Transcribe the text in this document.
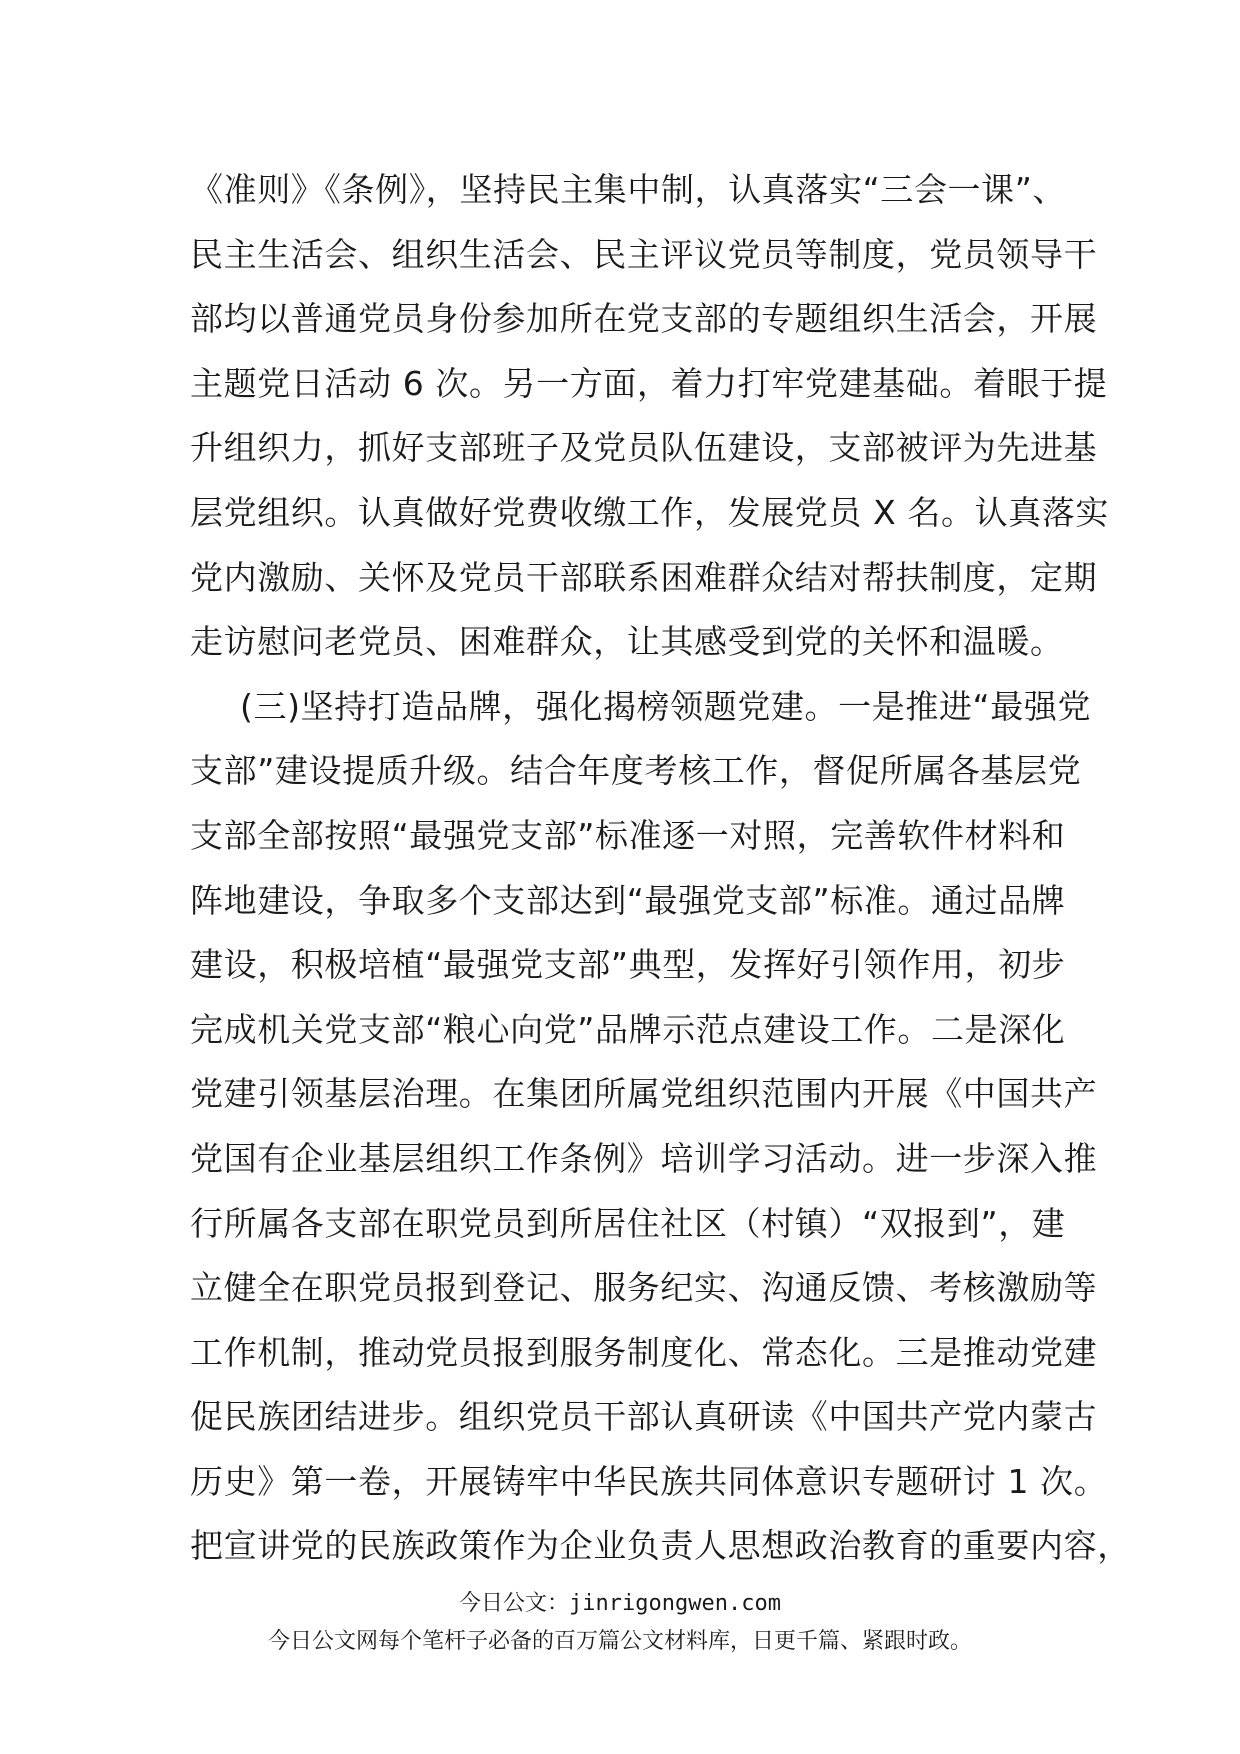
《准则》《条例》，坚持民主集中制，认真落实“三会一课”、
民主生活会、组织生活会、民主评议党员等制度，党员领导干
部均以普通党员身份参加所在党支部的专题组织生活会，开展
主题党日活动 6 次。另一方面，着力打牢党建基础。着眼于提
升组织力，抓好支部班子及党员队伍建设，支部被评为先进基
层党组织。认真做好党费收缴工作，发展党员 X 名。认真落实
党内激励、关怀及党员干部联系困难群众结对帮扶制度，定期
走访慰问老党员、困难群众，让其感受到党的关怀和温暖。
(三)坚持打造品牌，强化揭榜领题党建。一是推进“最强党
支部”建设提质升级。结合年度考核工作，督促所属各基层党
支部全部按照“最强党支部”标准逐一对照，完善软件材料和
阵地建设，争取多个支部达到“最强党支部”标准。通过品牌
建设，积极培植“最强党支部”典型，发挥好引领作用，初步
完成机关党支部“粮心向党”品牌示范点建设工作。二是深化
党建引领基层治理。在集团所属党组织范围内开展《中国共产
党国有企业基层组织工作条例》培训学习活动。进一步深入推
行所属各支部在职党员到所居住社区（村镇）“双报到”，建
立健全在职党员报到登记、服务纪实、沟通反馈、考核激励等
工作机制，推动党员报到服务制度化、常态化。三是推动党建
促民族团结进步。组织党员干部认真研读《中国共产党内蒙古
历史》第一卷，开展铸牢中华民族共同体意识专题研讨 1 次。
把宣讲党的民族政策作为企业负责人思想政治教育的重要内容，
今日公文：jinrigongwen.com
今日公文网每个笔杆子必备的百万篇公文材料库，日更千篇、紧跟时政。
